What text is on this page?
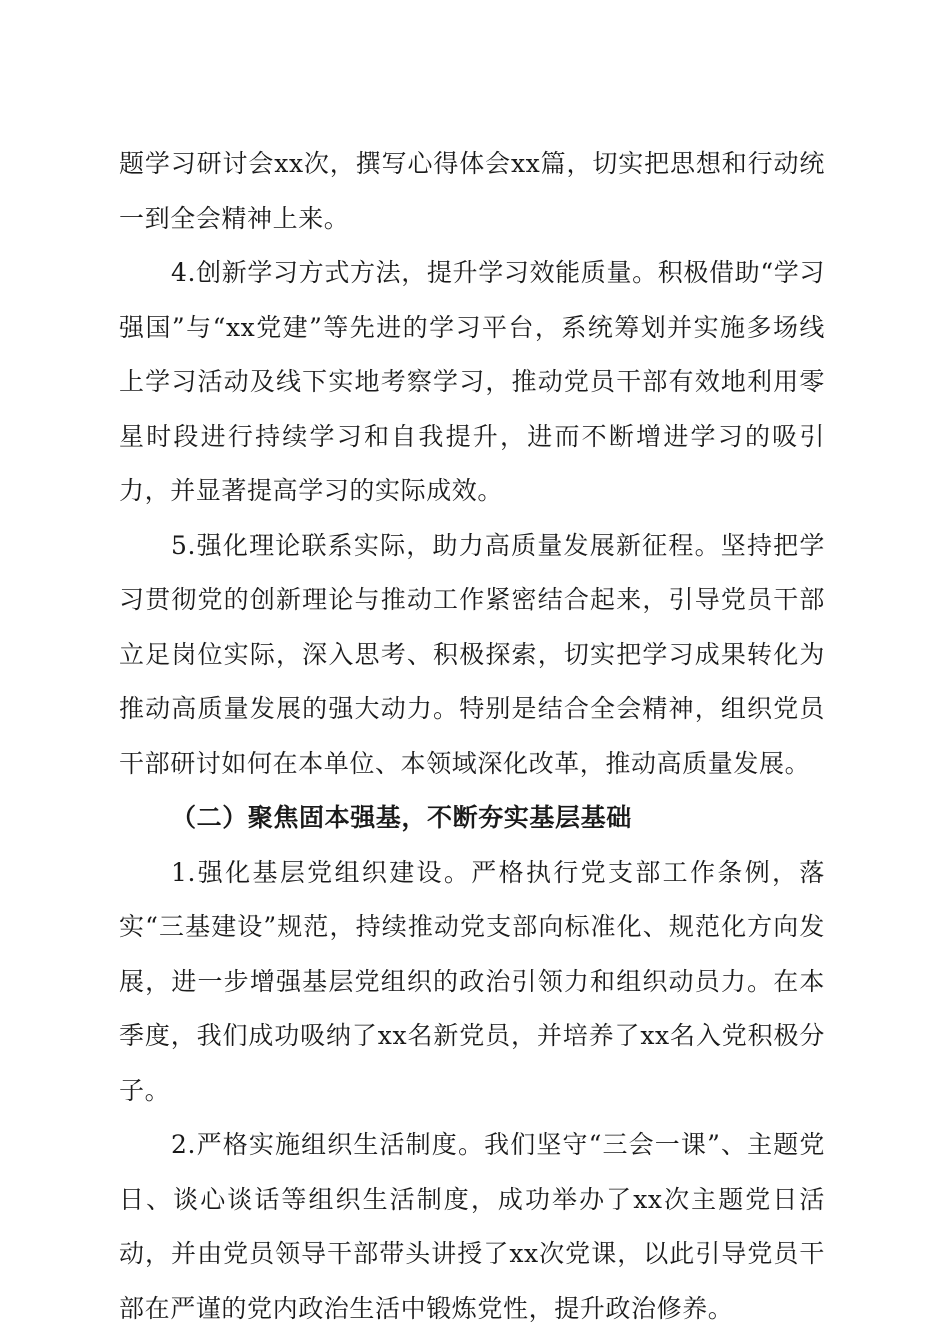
题学习研讨会xx次，撰写心得体会xx篇，切实把思想和行动统一到全会精神上来。

4.创新学习方式方法，提升学习效能质量。积极借助“学习强国”与“xx党建”等先进的学习平台，系统筹划并实施多场线上学习活动及线下实地考察学习，推动党员干部有效地利用零星时段进行持续学习和自我提升，进而不断增进学习的吸引力，并显著提高学习的实际成效。

5.强化理论联系实际，助力高质量发展新征程。坚持把学习贯彻党的创新理论与推动工作紧密结合起来，引导党员干部立足岗位实际，深入思考、积极探索，切实把学习成果转化为推动高质量发展的强大动力。特别是结合全会精神，组织党员干部研讨如何在本单位、本领域深化改革，推动高质量发展。

（二）聚焦固本强基，不断夯实基层基础

1.强化基层党组织建设。严格执行党支部工作条例，落实“三基建设”规范，持续推动党支部向标准化、规范化方向发展，进一步增强基层党组织的政治引领力和组织动员力。在本季度，我们成功吸纳了xx名新党员，并培养了xx名入党积极分子。

2.严格实施组织生活制度。我们坚守“三会一课”、主题党日、谈心谈话等组织生活制度，成功举办了xx次主题党日活动，并由党员领导干部带头讲授了xx次党课，以此引导党员干部在严谨的党内政治生活中锻炼党性，提升政治修养。
